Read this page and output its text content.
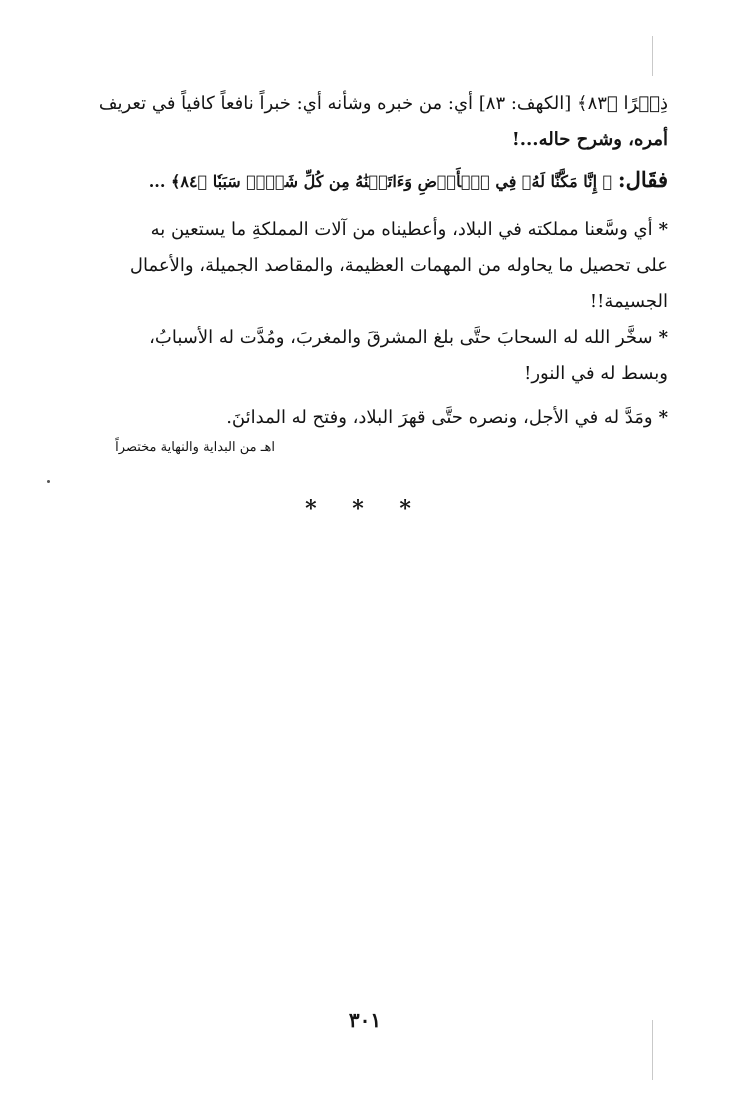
ذِكۡرًا ﴿٨٣﴾ [الكهف: ٨٣] أي: من خبره وشأنه أي: خبراً نافعاً كافياً في تعريف
أمره، وشرح حاله...!
فقَال: ﴿ إِنَّا مَكَّنَّا لَهُۥ فِي ٱلۡأَرۡضِ وَءَاتَيۡنَٰهُ مِن كُلِّ شَيۡءٖ سَبَبٗا ﴿٨٤﴾ ...
*أي وسَّعنا مملكته في البلاد، وأعطيناه من آلات المملكةِ ما يستعين به
على تحصيل ما يحاوله من المهمات العظيمة، والمقاصد الجميلة، والأعمال
الجسيمة!!
*سخَّر الله له السحابَ حتَّى بلغ المشرقَ والمغربَ، ومُدَّت له الأسبابُ،
وبسط له في النور!
*ومَدَّ له في الأجل، ونصره حتَّى قهرَ البلاد، وفتح له المدائنَ.
اهـ من البداية والنهاية مختصراً
* * *
٣٠١
